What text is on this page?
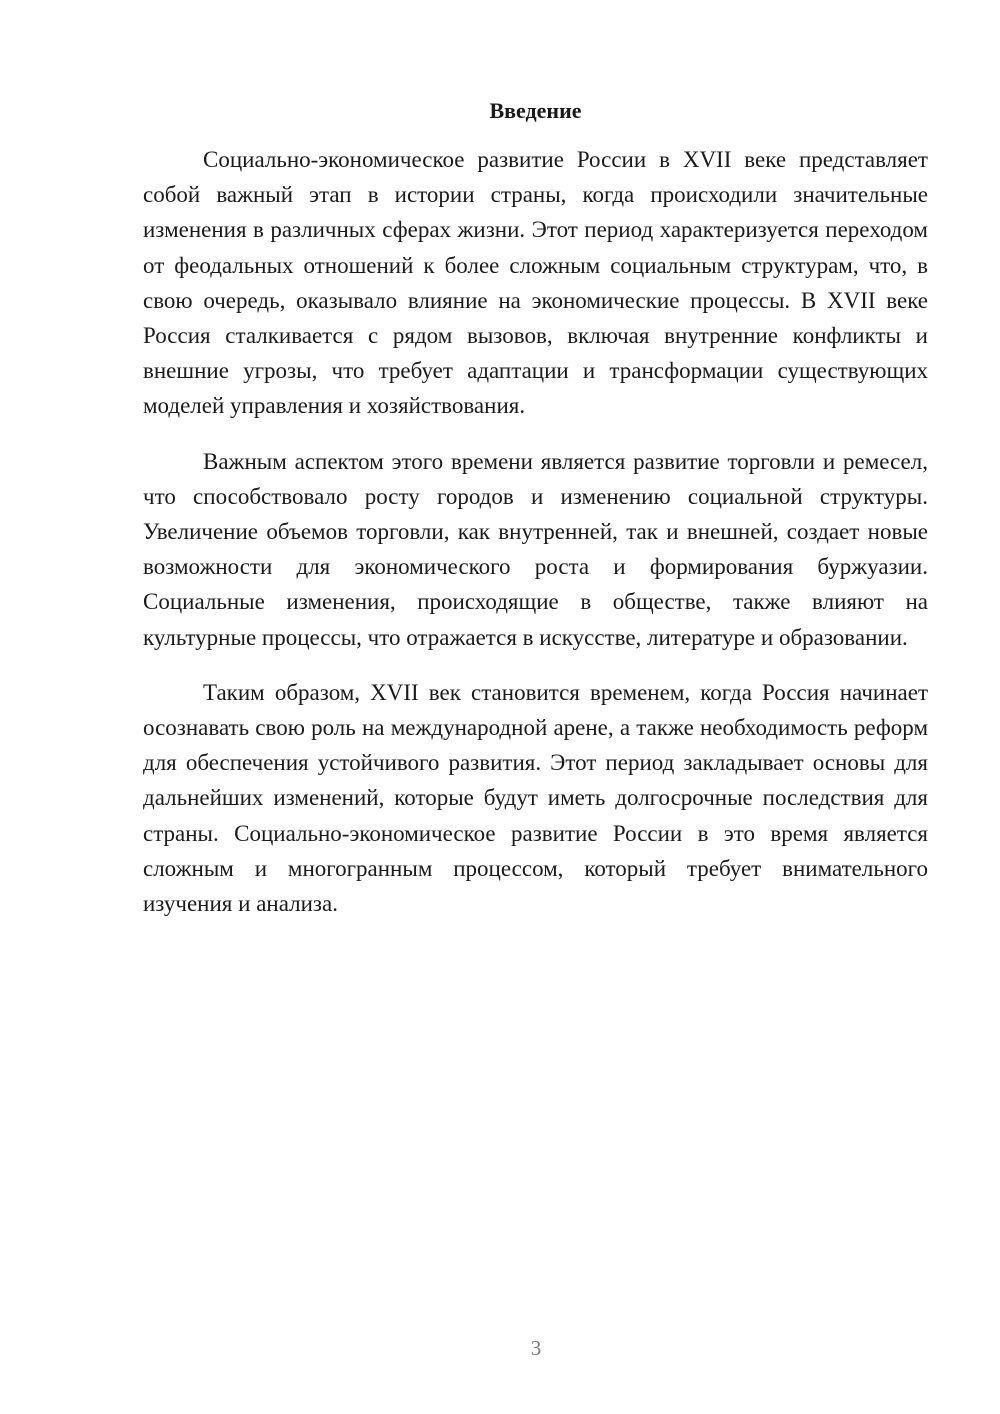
Введение

Социально-экономическое развитие России в XVII веке представляет собой важный этап в истории страны, когда происходили значительные изменения в различных сферах жизни. Этот период характеризуется переходом от феодальных отношений к более сложным социальным структурам, что, в свою очередь, оказывало влияние на экономические процессы. В XVII веке Россия сталкивается с рядом вызовов, включая внутренние конфликты и внешние угрозы, что требует адаптации и трансформации существующих моделей управления и хозяйствования.

Важным аспектом этого времени является развитие торговли и ремесел, что способствовало росту городов и изменению социальной структуры. Увеличение объемов торговли, как внутренней, так и внешней, создает новые возможности для экономического роста и формирования буржуазии. Социальные изменения, происходящие в обществе, также влияют на культурные процессы, что отражается в искусстве, литературе и образовании.

Таким образом, XVII век становится временем, когда Россия начинает осознавать свою роль на международной арене, а также необходимость реформ для обеспечения устойчивого развития. Этот период закладывает основы для дальнейших изменений, которые будут иметь долгосрочные последствия для страны. Социально-экономическое развитие России в это время является сложным и многогранным процессом, который требует внимательного изучения и анализа.

3
